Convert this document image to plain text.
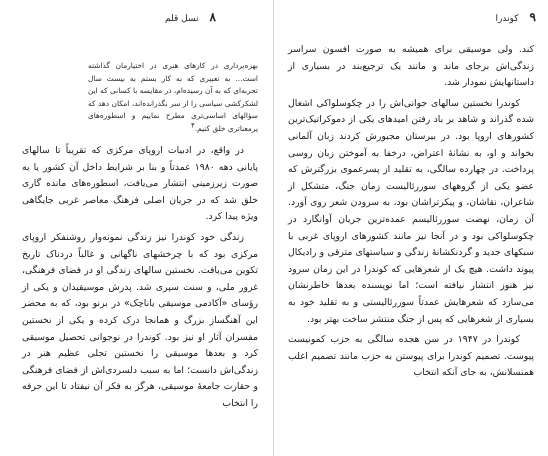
۸ نسل قلم
بهره‌برداری در کارهای هنری در اختیارمان گذاشته است... به تعبیری که به کار بستم به بیست سال تجربه‌ای که به آن رسیده‌ام، در مقایسه با کسانی که این لشکرکشی سیاسی را از سر نگذرانده‌اند، امکان دهد که سؤالهای اساسی‌تری مطرح نماییم و اسطوره‌های پرمعنا‌تری خلق کنیم.۴

در واقع، در ادبیات اروپای مرکزی که تقریباً تا سالهای پایانی دهه ۱۹۸۰ عمدتاً و بنا بر شرایط داخل آن کشور یا به صورت زیرزمینی انتشار می‌یافت، اسطوره‌های مانده گاری خلق شد که در جریان اصلی فرهنگ معاصر غربی جایگاهی ویژه پیدا کرد.

زندگی خود کوندرا نیز زندگی نمونه‌وار روشنفکر اروپای مرکزی بود که با چرخشهای ناگهانی و غالباً دردناک تاریخ تکوین می‌یافت. نخستین سالهای زندگی او در فضای فرهنگی، غرور ملی، و سنت سپری شد. پدرش موسیقیدان و یکی از رؤسای «آکادمی موسیقی یاناچک» در برنو بود، که به محضر این آهنگساز بزرگ و همانجا درک کرده و یکی از نخستین مفسران آثار او نیز بود. کوندرا در نوجوانی تحصیل موسیقی کرد و بعدها موسیقی را نخستین تجلی عظیم هنر در زندگی‌اش دانست؛ اما به سبب دلسردی‌اش از فضای فرهنگی و حقارت جامعهٔ موسیقی، هرگز به فکر آن نیفتاد تا این حرفه را انتخاب

۹ کوندرا

کند. ولی موسیقی برای همیشه به صورت افسون سراسر زندگی‌اش برجای ماند و مانند یک ترجیع‌بند در بسیاری از داستانهایش نمودار شد.

کوندرا نخستین سالهای جوانی‌اش را در چکوسلواکی اشغال شده گذراند و شاهد بر باد رفتن امیدهای یکی از دموکراتیک‌ترین کشورهای اروپا بود. در بیرستان مجبورش کردند زبان آلمانی بخواند و او، به نشانهٔ اعتراض، درخفا به آموختن زبان روسی پرداخت. در چهارده سالگی، به تقلید از پسرعموی بزرگترش که عضو یکی از گروههای سوررئالیست زمان جنگ، متشکل از شاعران، نقاشان، و پیکرتراشان بود، به سرودن شعر روی آورد. آن زمان، نهضت سوررئالیسم عمده‌ترین جریان آوانگارد در چکوسلواکی بود و در آنجا نیز مانند کشورهای اروپای غربی با سبکهای جدید و گردنکشانهٔ زندگی و سیاستهای مترقی و رادیکال پیوند داشت. هیچ یک از شعرهایی که کوندرا در این زمان سرود نیز هنوز انتشار نیافته است؛ اما نویسنده بعدها خاطرنشان می‌سازد که شعرهایش عمدتاً سوررئالیستی و به تقلید خود به بسیاری از شعرهایی که پس از جنگ منتشر ساخت بهتر بود.

کوندرا در ۱۹۴۷ در سن هجده سالگی به حزب کمونیست پیوست. تصمیم کوندرا برای پیوستن به حزب مانند تصمیم اغلب همنسلانش، به جای آنکه انتخاب
